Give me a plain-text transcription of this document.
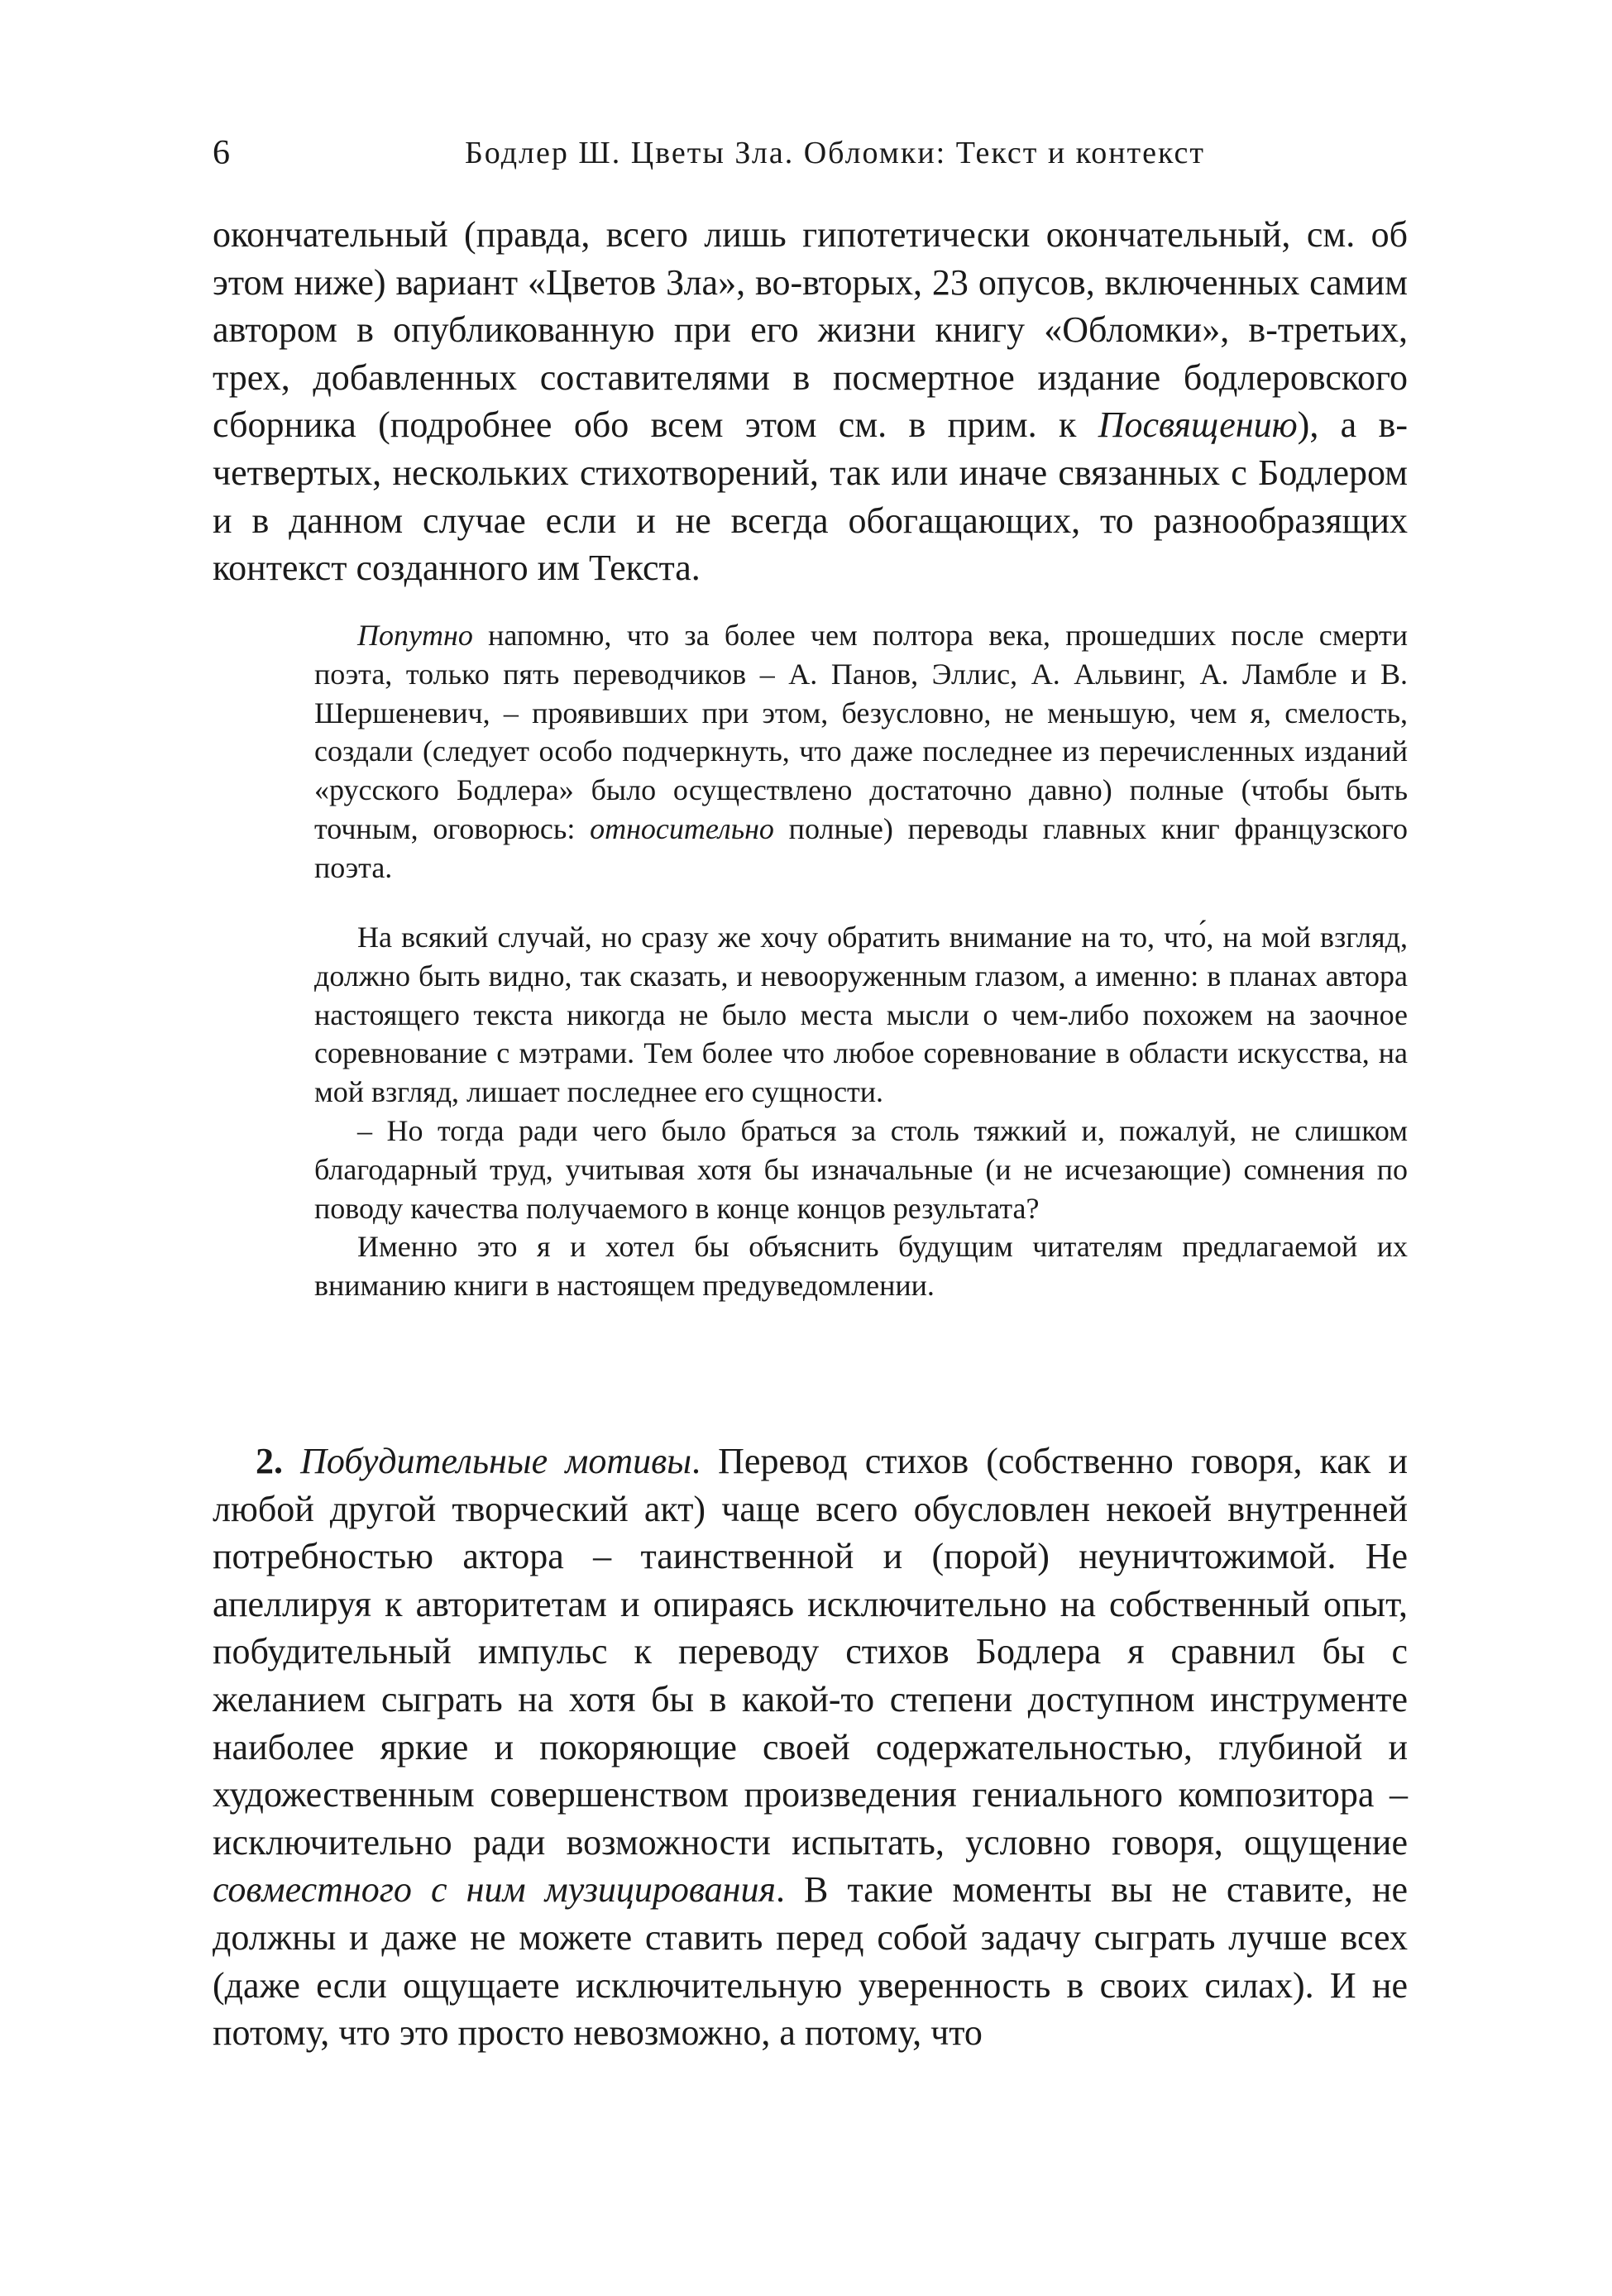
6	Бодлер Ш. Цветы Зла. Обломки: Текст и контекст

окончательный (правда, всего лишь гипотетически окончательный, см. об этом ниже) вариант «Цветов Зла», во-вторых, 23 опусов, включенных самим автором в опубликованную при его жизни книгу «Обломки», в-третьих, трех, добавленных составителями в посмертное издание бодлеровского сборника (подробнее обо всем этом см. в прим. к Посвящению), а в-четвертых, нескольких стихотворений, так или иначе связанных с Бодлером и в данном случае если и не всегда обогащающих, то разнообразящих контекст созданного им Текста.

Попутно напомню, что за более чем полтора века, прошедших после смерти поэта, только пять переводчиков – А. Панов, Эллис, А. Альвинг, А. Ламбле и В. Шершеневич, – проявивших при этом, безусловно, не меньшую, чем я, смелость, создали (следует особо подчеркнуть, что даже последнее из перечисленных изданий «русского Бодлера» было осуществлено достаточно давно) полные (чтобы быть точным, оговорюсь: относительно полные) переводы главных книг французского поэта.

На всякий случай, но сразу же хочу обратить внимание на то, что́, на мой взгляд, должно быть видно, так сказать, и невооруженным глазом, а именно: в планах автора настоящего текста никогда не было места мысли о чем-либо похожем на заочное соревнование с мэтрами. Тем более что любое соревнование в области искусства, на мой взгляд, лишает последнее его сущности.

– Но тогда ради чего было браться за столь тяжкий и, пожалуй, не слишком благодарный труд, учитывая хотя бы изначальные (и не исчезающие) сомнения по поводу качества получаемого в конце концов результата?

Именно это я и хотел бы объяснить будущим читателям предлагаемой их вниманию книги в настоящем предуведомлении.

2. Побудительные мотивы. Перевод стихов (собственно говоря, как и любой другой творческий акт) чаще всего обусловлен некоей внутренней потребностью актора – таинственной и (порой) неуничтожимой. Не апеллируя к авторитетам и опираясь исключительно на собственный опыт, побудительный импульс к переводу стихов Бодлера я сравнил бы с желанием сыграть на хотя бы в какой-то степени доступном инструменте наиболее яркие и покоряющие своей содержательностью, глубиной и художественным совершенством произведения гениального композитора – исключительно ради возможности испытать, условно говоря, ощущение совместного с ним музицирования. В такие моменты вы не ставите, не должны и даже не можете ставить перед собой задачу сыграть лучше всех (даже если ощущаете исключительную уверенность в своих силах). И не потому, что это просто невозможно, а потому, что
